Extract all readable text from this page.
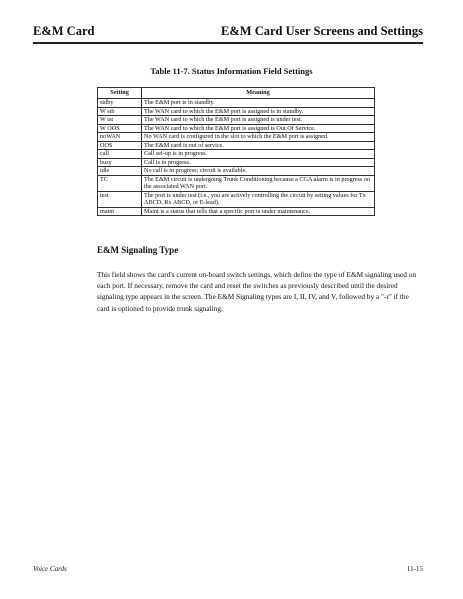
E&M Card	E&M Card User Screens and Settings
Table 11-7. Status Information Field Settings
Setting	Meaning
stdby	The E&M port is in standby.
W stb	The WAN card to which the E&M port is assigned is in standby.
W tst	The WAN card to which the E&M port is assigned is under test.
W OOS	The WAN card to which the E&M port is assigned is Out Of Service.
noWAN	No WAN card is configured in the slot to which the E&M port is assigned.
OOS	The E&M card is out of service.
call	Call set-up is in progress.
busy	Call is in progress.
idle	No call is in progress; circuit is available.
TC	The E&M circuit is undergoing Trunk Conditioning because a CGA alarm is in progress on the associated WAN port.
test	The port is under test (i.e., you are actively controlling the circuit by setting values for Tx ABCD, Rx ABCD, or E-lead).
maint	Maint is a status that tells that a specific port is under maintenance.
E&M Signaling Type
This field shows the card's current on-board switch settings, which define the type of E&M signaling used on each port. If necessary, remove the card and reset the switches as previously described until the desired signaling type appears in the screen. The E&M Signaling types are I, II, IV, and V, followed by a "-r" if the card is optioned to provide trunk signaling.
Voice Cards	11-15
